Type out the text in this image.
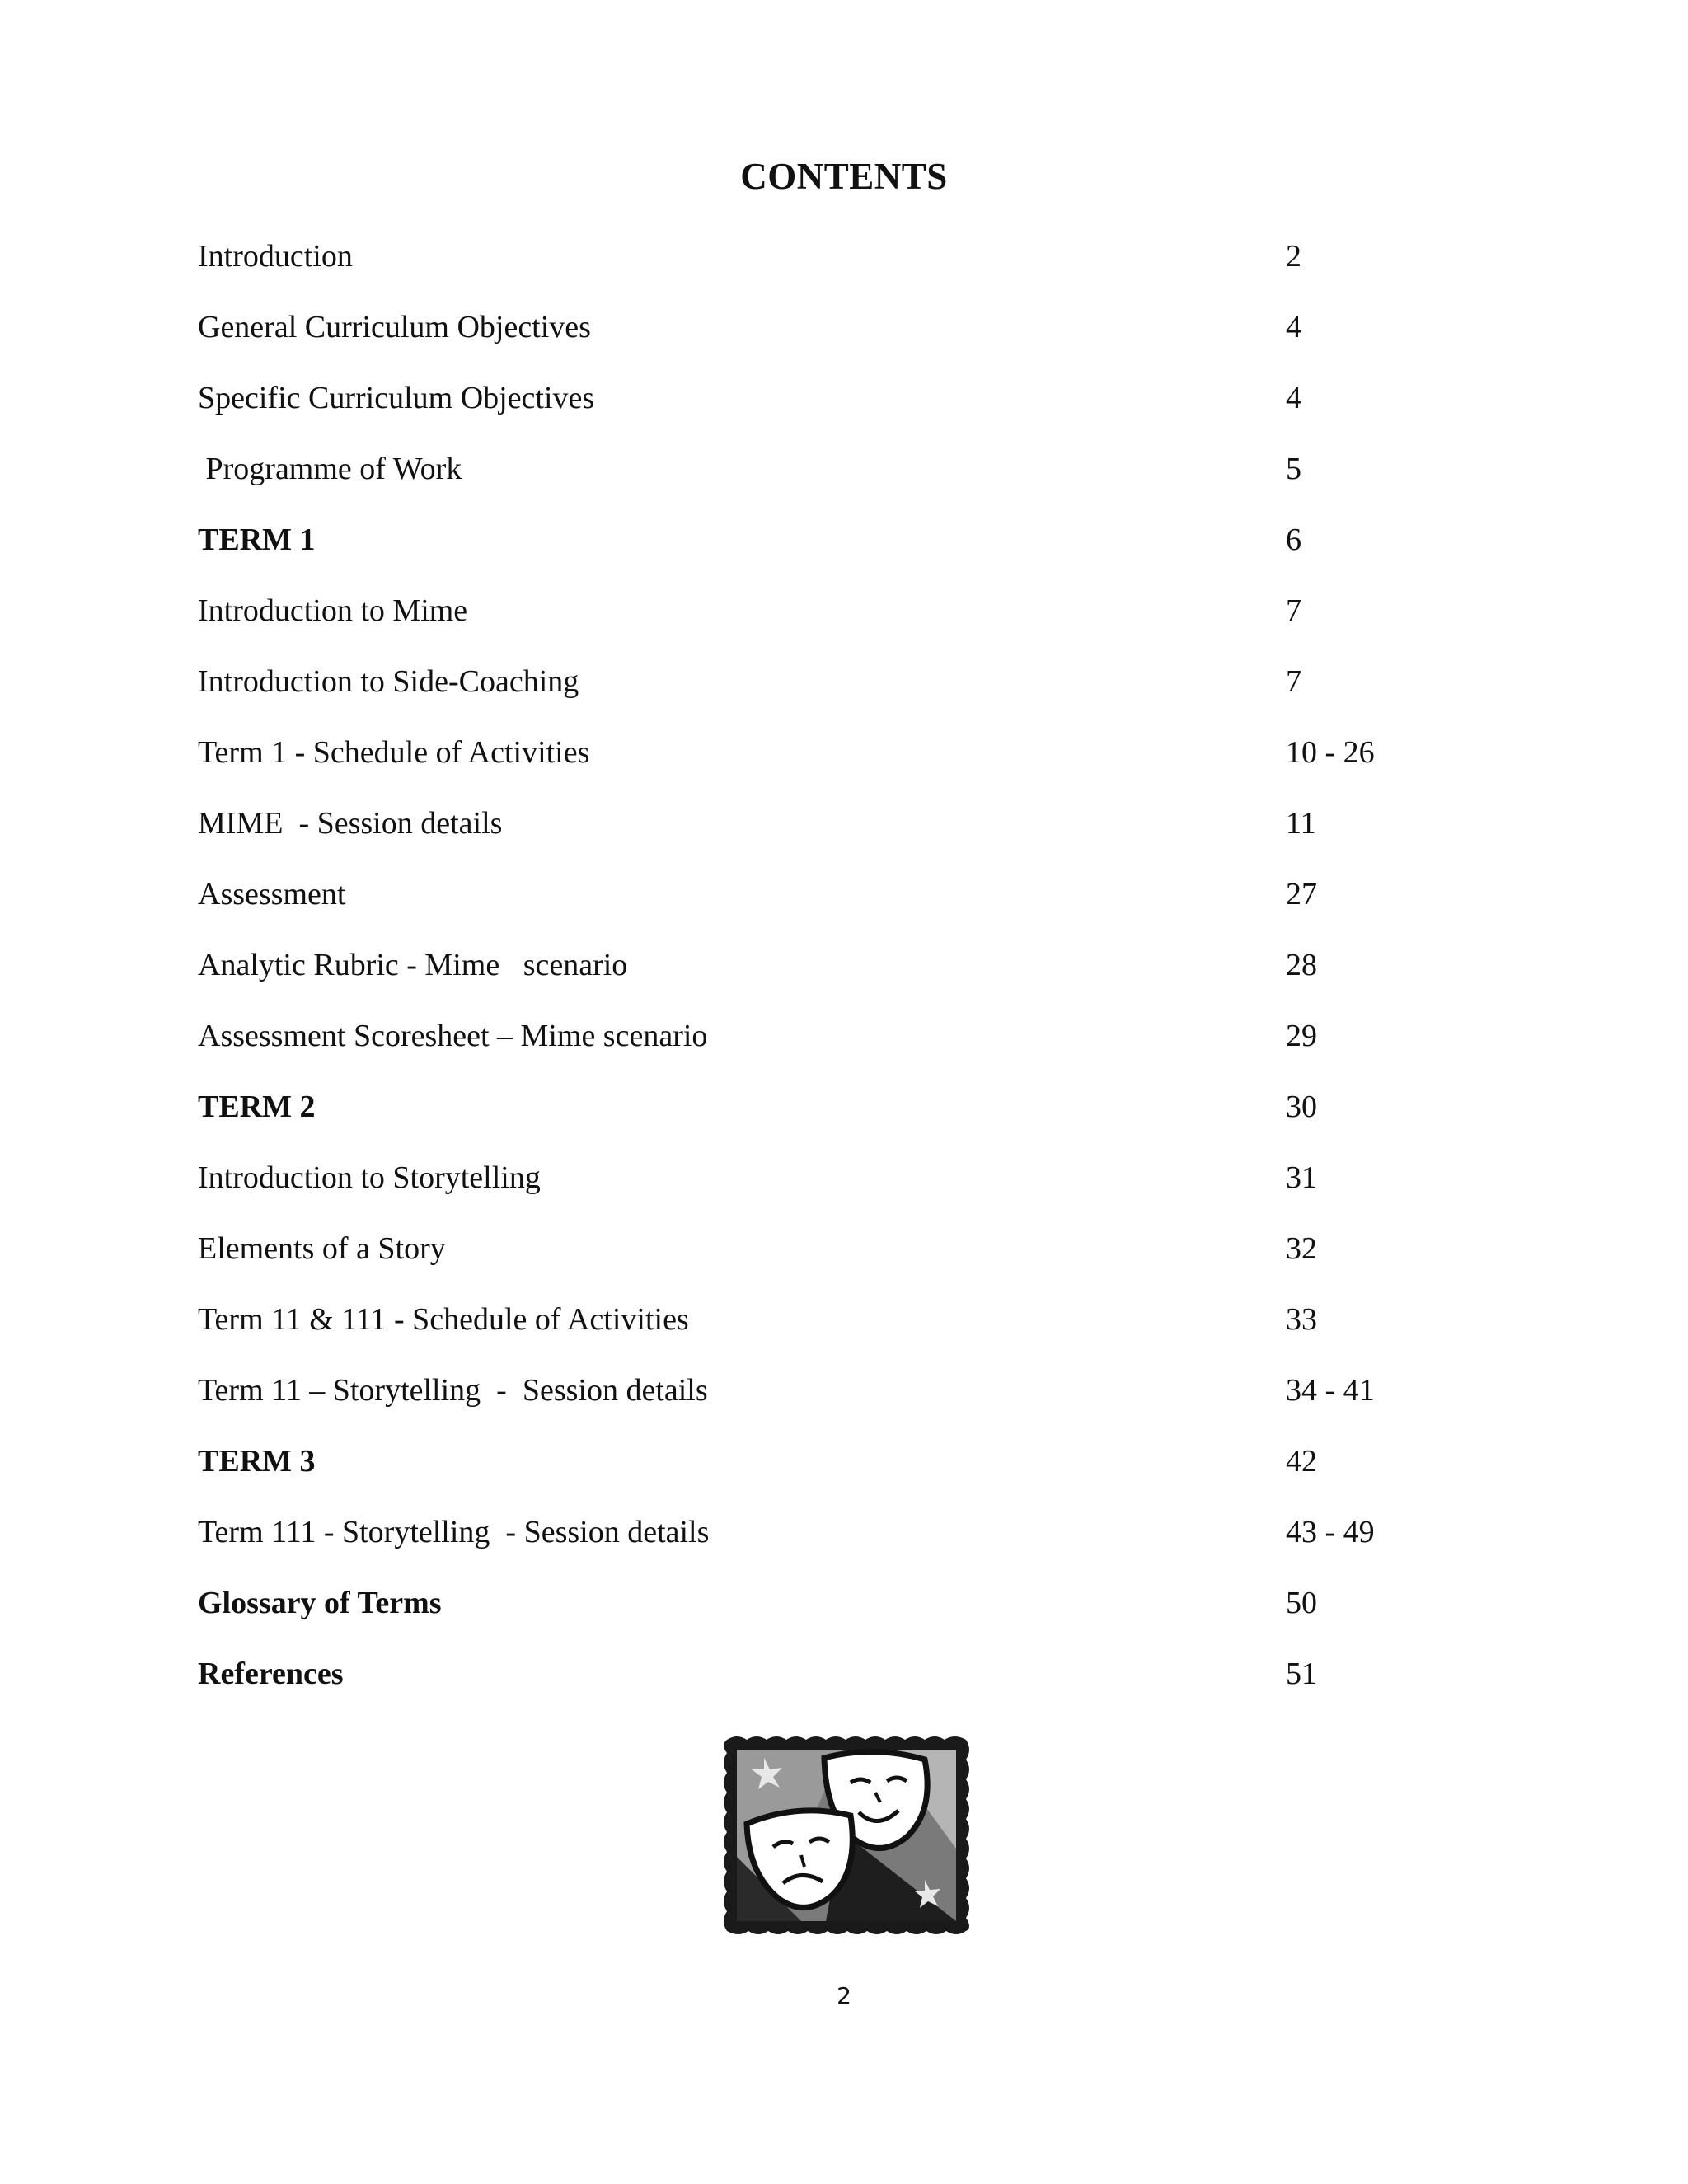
CONTENTS
Introduction	2
General Curriculum Objectives	4
Specific Curriculum Objectives	4
Programme of Work	5
TERM 1	6
Introduction to Mime	7
Introduction to Side-Coaching	7
Term 1 - Schedule of Activities	10 - 26
MIME  - Session details	11
Assessment	27
Analytic Rubric - Mime   scenario	28
Assessment Scoresheet – Mime scenario	29
TERM 2	30
Introduction to Storytelling	31
Elements of a Story	32
Term 11 & 111 - Schedule of Activities	33
Term 11 – Storytelling  -  Session details	34 - 41
TERM 3	42
Term 111 - Storytelling  - Session details	43 - 49
Glossary of Terms	50
References	51
2
